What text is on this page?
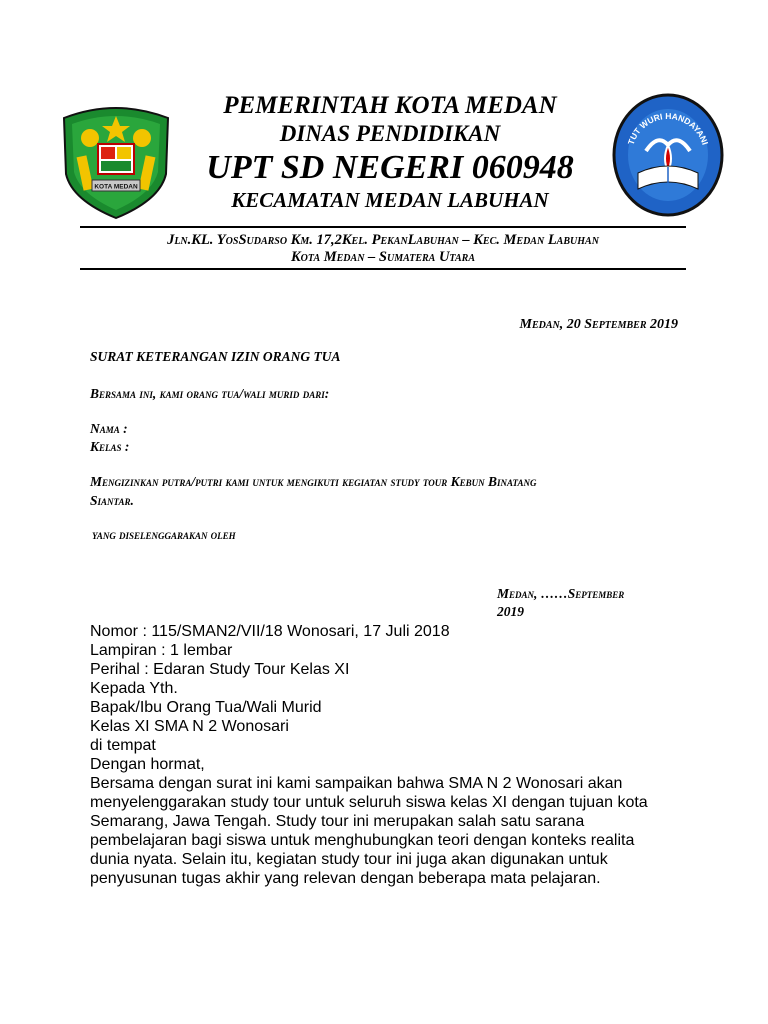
KOTA MEDAN
TUT WURI HANDAYANI
PEMERINTAH KOTA MEDAN
DINAS PENDIDIKAN
UPT SD NEGERI 060948
KECAMATAN MEDAN LABUHAN
Jln.KL. YosSudarso Km. 17,2Kel. PekanLabuhan – Kec. Medan Labuhan
Kota Medan – Sumatera Utara
Medan, 20 September 2019
SURAT KETERANGAN IZIN ORANG TUA
Bersama ini, kami orang tua/wali murid dari:
Nama :
Kelas :
Mengizinkan putra/putri kami untuk mengikuti kegiatan study tour Kebun Binatang
Siantar.
yang diselenggarakan oleh
Medan, ……September
2019
Nomor : 115/SMAN2/VII/18 Wonosari, 17 Juli 2018
Lampiran : 1 lembar
Perihal : Edaran Study Tour Kelas XI
Kepada Yth.
Bapak/Ibu Orang Tua/Wali Murid
Kelas XI SMA N 2 Wonosari
di tempat
Dengan hormat,
Bersama dengan surat ini kami sampaikan bahwa SMA N 2 Wonosari akan
menyelenggarakan study tour untuk seluruh siswa kelas XI dengan tujuan kota
Semarang, Jawa Tengah. Study tour ini merupakan salah satu sarana
pembelajaran bagi siswa untuk menghubungkan teori dengan konteks realita
dunia nyata. Selain itu, kegiatan study tour ini juga akan digunakan untuk
penyusunan tugas akhir yang relevan dengan beberapa mata pelajaran.
